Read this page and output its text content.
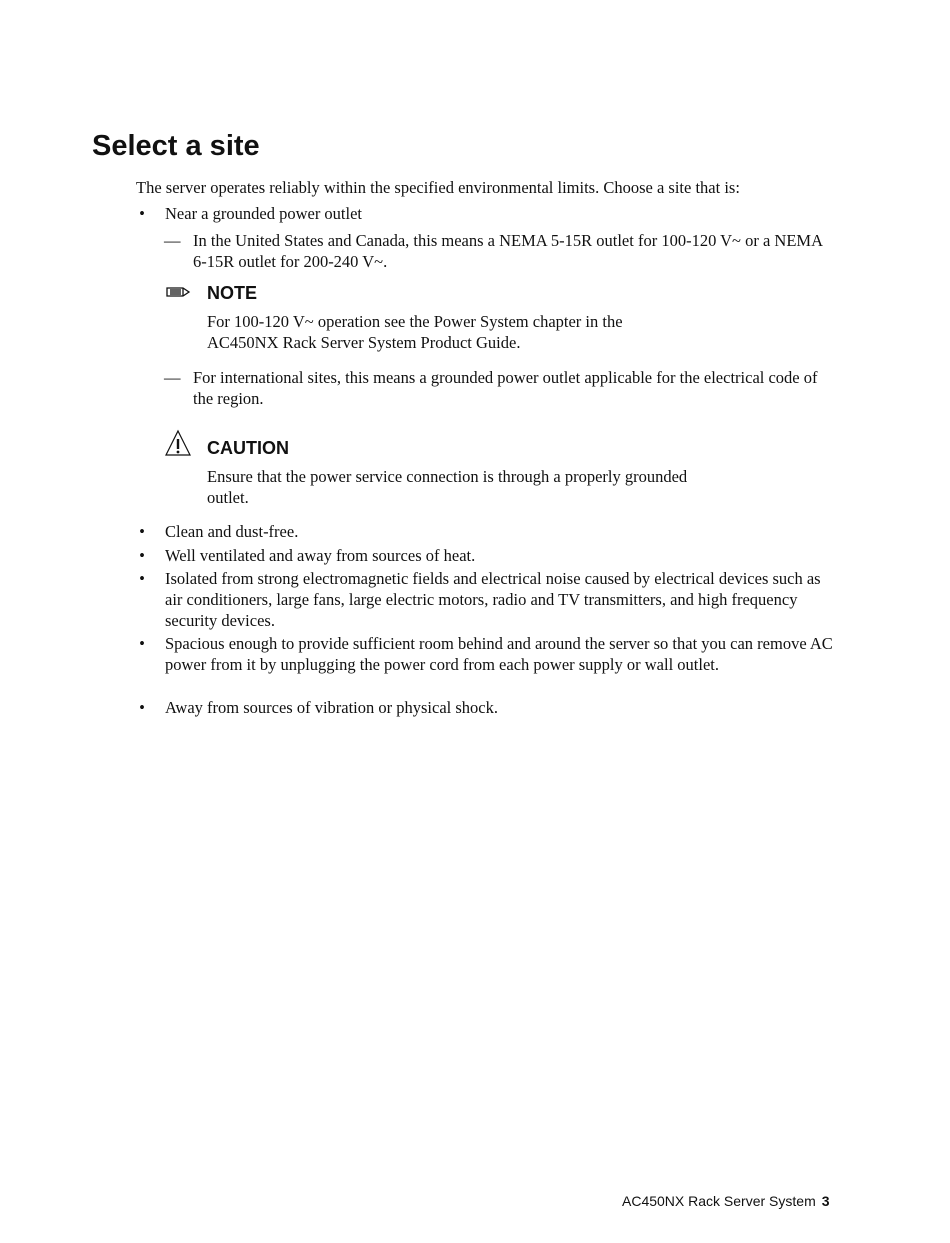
Select a site

The server operates reliably within the specified environmental limits. Choose a site that is:

• Near a grounded power outlet
— In the United States and Canada, this means a NEMA 5-15R outlet for 100-120 V~ or a NEMA 6-15R outlet for 200-240 V~.
NOTE
For 100-120 V~ operation see the Power System chapter in the
AC450NX Rack Server System Product Guide.
— For international sites, this means a grounded power outlet applicable for the electrical code of the region.
CAUTION
Ensure that the power service connection is through a properly grounded
outlet.
• Clean and dust-free.
• Well ventilated and away from sources of heat.
• Isolated from strong electromagnetic fields and electrical noise caused by electrical devices such as air conditioners, large fans, large electric motors, radio and TV transmitters, and high frequency security devices.
• Spacious enough to provide sufficient room behind and around the server so that you can remove AC power from it by unplugging the power cord from each power supply or wall outlet.
• Away from sources of vibration or physical shock.
AC450NX Rack Server System 3
